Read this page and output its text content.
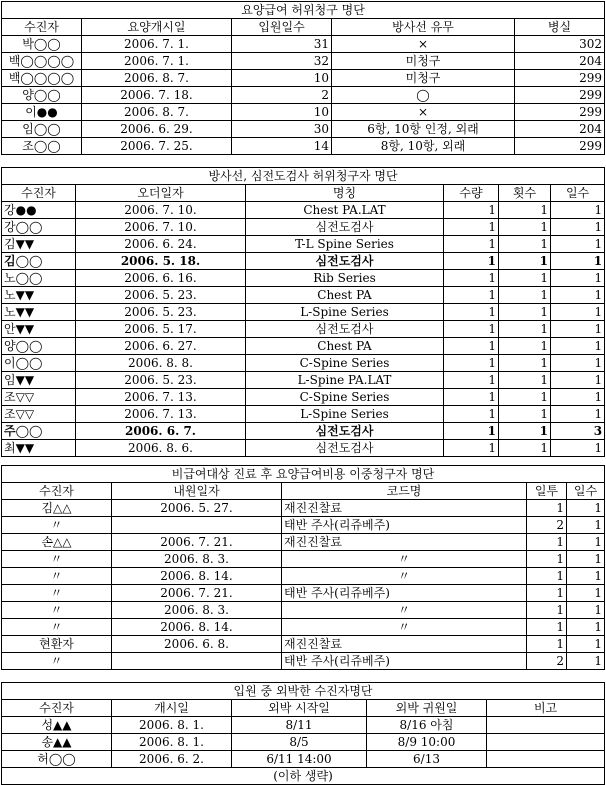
요양급여 허위청구 명단				
수진자	요양개시일	입원일수	방사선 유무	병실
박◯◯	2006. 7. 1.	31	×	302
백◯◯◯◯	2006. 7. 1.	32	미청구	204
백◯◯◯◯	2006. 8. 7.	10	미청구	299
양◯◯	2006. 7. 18.	2	◯	299
이●●	2006. 8. 7.	10	×	299
임◯◯	2006. 6. 29.	30	6항, 10항 인정, 외래	204
조◯◯	2006. 7. 25.	14	8항, 10항, 외래	299
방사선, 심전도검사 허위청구자 명단					
수진자	오더일자	명칭	수량	횟수	일수
강●●	2006. 7. 10.	Chest PA.LAT	1	1	1
강◯◯	2006. 7. 10.	심전도검사	1	1	1
김▼▼	2006. 6. 24.	T-L Spine Series	1	1	1
김◯◯	2006. 5. 18.	심전도검사	1	1	1
노◯◯	2006. 6. 16.	Rib Series	1	1	1
노▼▼	2006. 5. 23.	Chest PA	1	1	1
노▼▼	2006. 5. 23.	L-Spine Series	1	1	1
안▼▼	2006. 5. 17.	심전도검사	1	1	1
양◯◯	2006. 6. 27.	Chest PA	1	1	1
이◯◯	2006. 8. 8.	C-Spine Series	1	1	1
임▼▼	2006. 5. 23.	L-Spine PA.LAT	1	1	1
조▽▽	2006. 7. 13.	C-Spine Series	1	1	1
조▽▽	2006. 7. 13.	L-Spine Series	1	1	1
주◯◯	2006. 6. 7.	심전도검사	1	1	3
최▼▼	2006. 8. 6.	심전도검사	1	1	1
비급여대상 진료 후 요양급여비용 이중청구자 명단				
수진자	내원일자	코드명	일투	일수
김△△	2006. 5. 27.	재진진찰료	1	1
〃		태반 주사(리쥬베주)	2	1
손△△	2006. 7. 21.	재진진찰료	1	1
〃	2006. 8. 3.	〃	1	1
〃	2006. 8. 14.	〃	1	1
〃	2006. 7. 21.	태반 주사(리쥬베주)	1	1
〃	2006. 8. 3.	〃	1	1
〃	2006. 8. 14.	〃	1	1
현환자	2006. 6. 8.	재진진찰료	1	1
〃		태반 주사(리쥬베주)	2	1
입원 중 외박한 수진자명단				
수진자	개시일	외박 시작일	외박 귀원일	비고
성▲▲	2006. 8. 1.	8/11	8/16 아침	
송▲▲	2006. 8. 1.	8/5	8/9 10:00	
허◯◯	2006. 6. 2.	6/11 14:00	6/13	
(이하 생략)				
